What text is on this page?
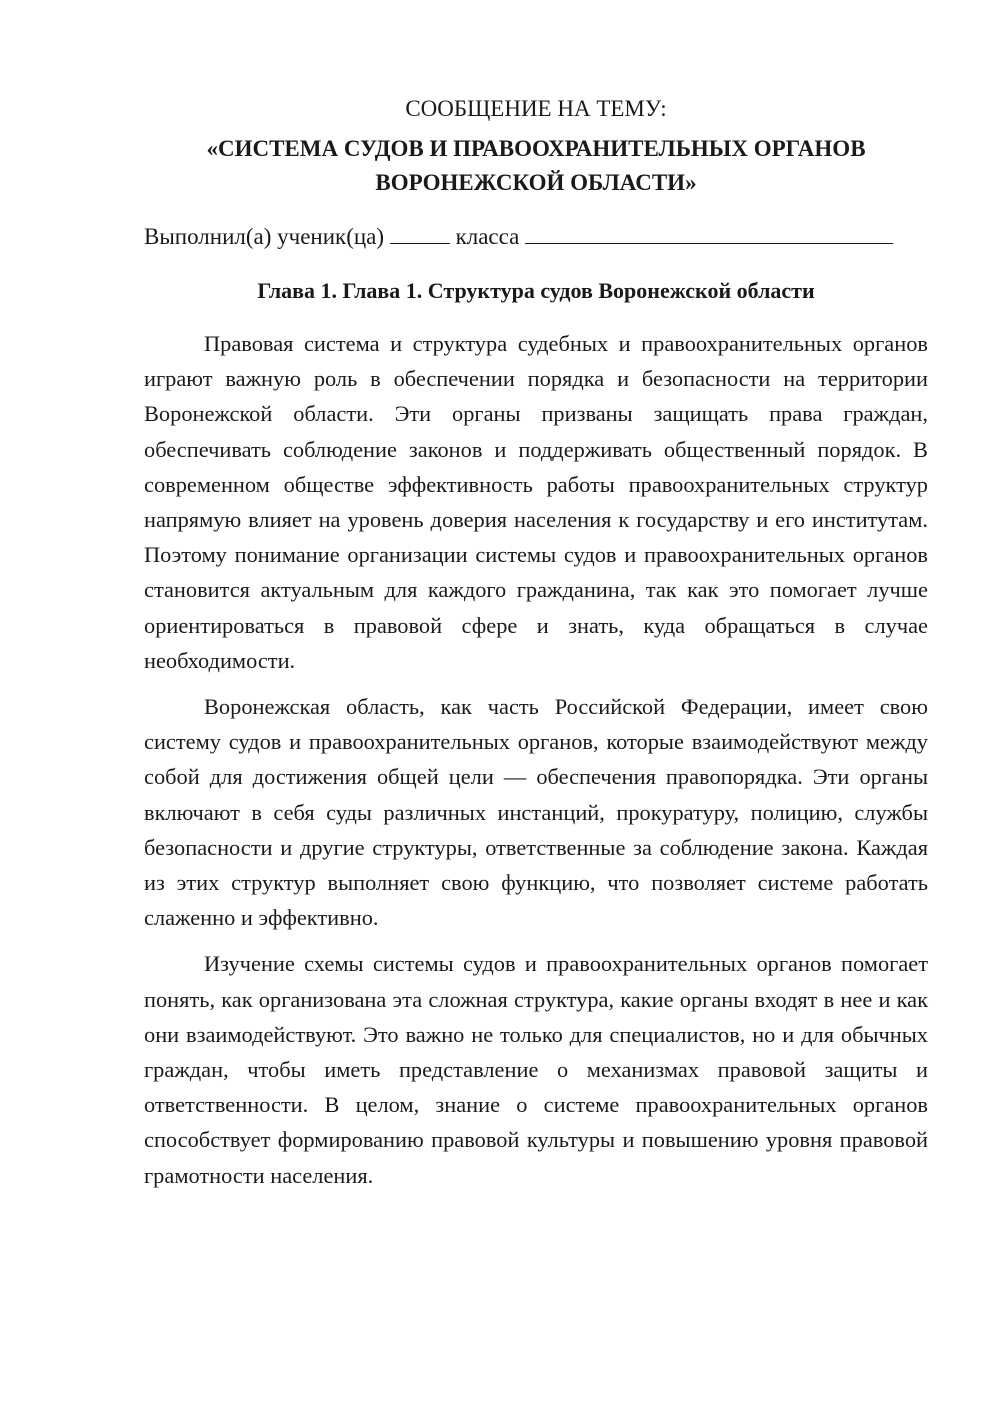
СООБЩЕНИЕ НА ТЕМУ:

«СИСТЕМА СУДОВ И ПРАВООХРАНИТЕЛЬНЫХ ОРГАНОВ
ВОРОНЕЖСКОЙ ОБЛАСТИ»

Выполнил(а) ученик(ца)	класса

Глава 1. Глава 1. Структура судов Воронежской области

Правовая система и структура судебных и правоохранительных органов играют важную роль в обеспечении порядка и безопасности на территории Воронежской области. Эти органы призваны защищать права граждан, обеспечивать соблюдение законов и поддерживать общественный порядок. В современном обществе эффективность работы правоохранительных структур напрямую влияет на уровень доверия населения к государству и его институтам. Поэтому понимание организации системы судов и правоохранительных органов становится актуальным для каждого гражданина, так как это помогает лучше ориентироваться в правовой сфере и знать, куда обращаться в случае необходимости.

Воронежская область, как часть Российской Федерации, имеет свою систему судов и правоохранительных органов, которые взаимодействуют между собой для достижения общей цели — обеспечения правопорядка. Эти органы включают в себя суды различных инстанций, прокуратуру, полицию, службы безопасности и другие структуры, ответственные за соблюдение закона. Каждая из этих структур выполняет свою функцию, что позволяет системе работать слаженно и эффективно.

Изучение схемы системы судов и правоохранительных органов помогает понять, как организована эта сложная структура, какие органы входят в нее и как они взаимодействуют. Это важно не только для специалистов, но и для обычных граждан, чтобы иметь представление о механизмах правовой защиты и ответственности. В целом, знание о системе правоохранительных органов способствует формированию правовой культуры и повышению уровня правовой грамотности населения.
